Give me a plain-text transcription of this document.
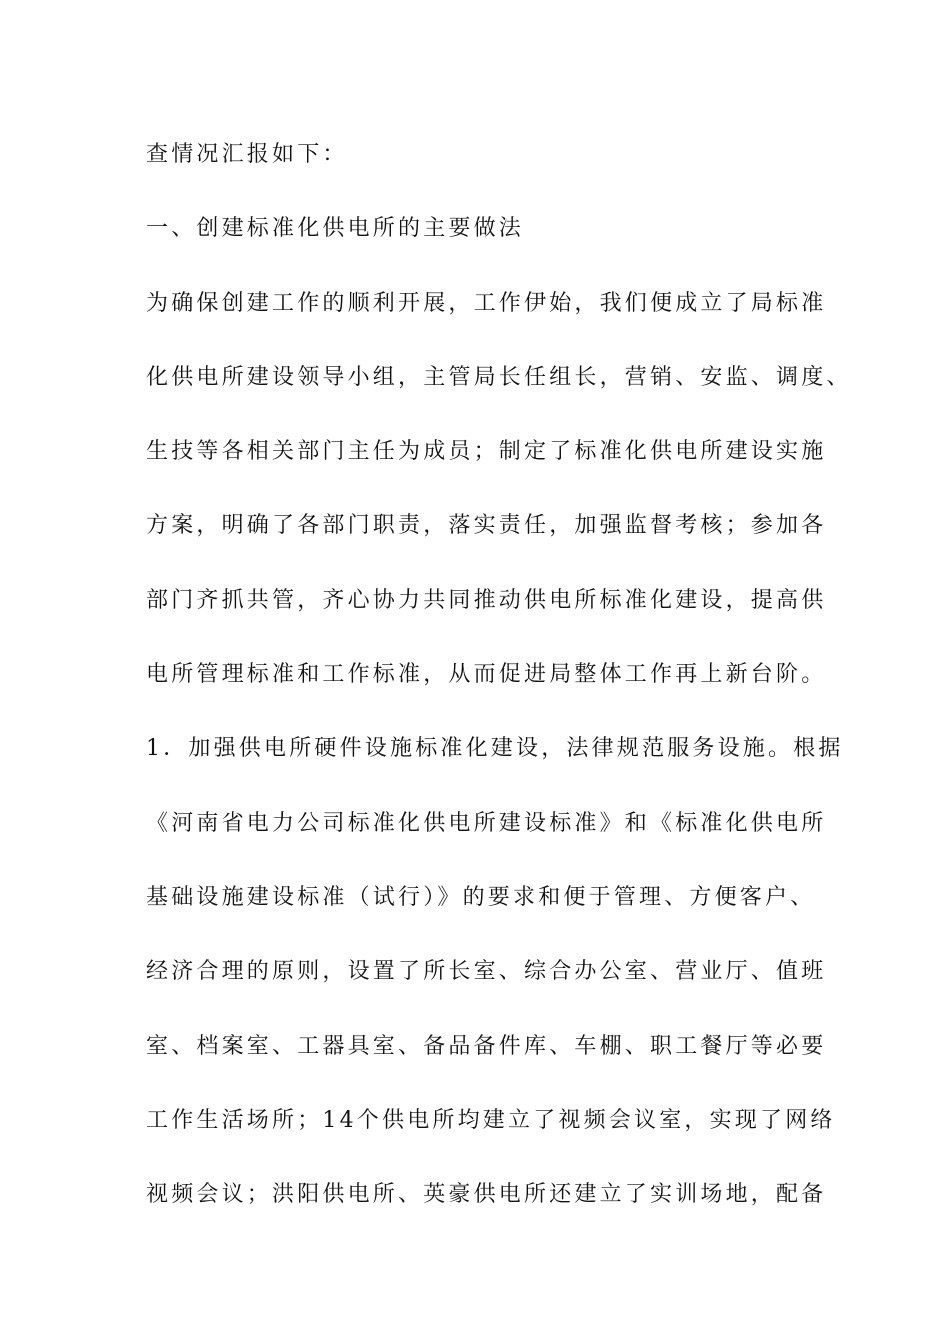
查情况汇报如下：
一、创建标准化供电所的主要做法
为确保创建工作的顺利开展，工作伊始，我们便成立了局标准
化供电所建设领导小组，主管局长任组长，营销、安监、调度、
生技等各相关部门主任为成员；制定了标准化供电所建设实施
方案，明确了各部门职责，落实责任，加强监督考核；参加各
部门齐抓共管，齐心协力共同推动供电所标准化建设，提高供
电所管理标准和工作标准，从而促进局整体工作再上新台阶。
1．加强供电所硬件设施标准化建设，法律规范服务设施。根据
《河南省电力公司标准化供电所建设标准》和《标准化供电所
基础设施建设标准（试行）》的要求和便于管理、方便客户、
经济合理的原则，设置了所长室、综合办公室、营业厅、值班
室、档案室、工器具室、备品备件库、车棚、职工餐厅等必要
工作生活场所；14个供电所均建立了视频会议室，实现了网络
视频会议；洪阳供电所、英豪供电所还建立了实训场地，配备
